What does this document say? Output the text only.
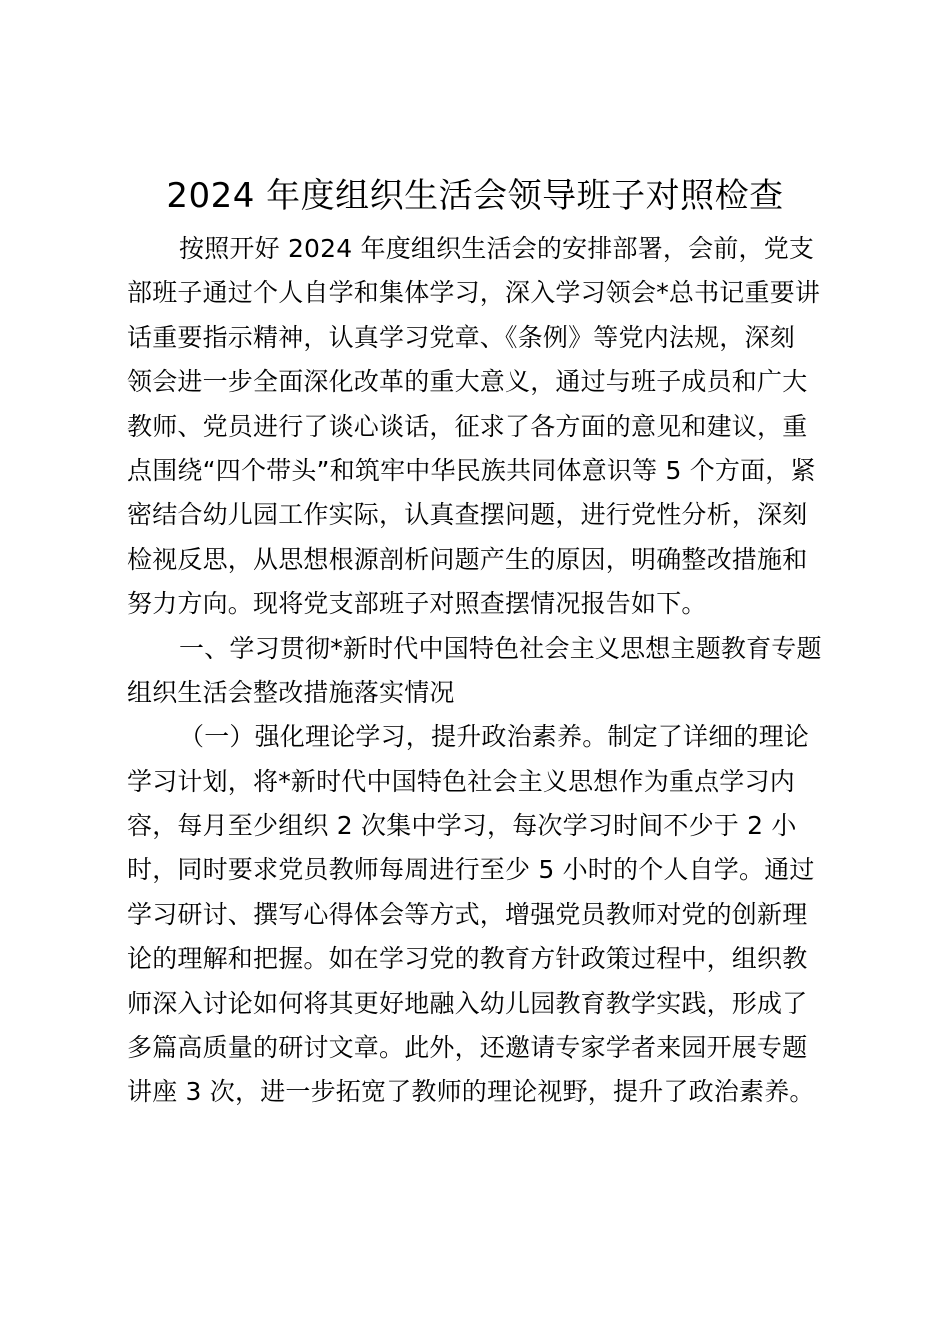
2024 年度组织生活会领导班子对照检查
按照开好 2024 年度组织生活会的安排部署，会前，党支
部班子通过个人自学和集体学习，深入学习领会*总书记重要讲
话重要指示精神，认真学习党章、《条例》等党内法规，深刻
领会进一步全面深化改革的重大意义，通过与班子成员和广大
教师、党员进行了谈心谈话，征求了各方面的意见和建议，重
点围绕“四个带头”和筑牢中华民族共同体意识等 5 个方面，紧
密结合幼儿园工作实际，认真查摆问题，进行党性分析，深刻
检视反思，从思想根源剖析问题产生的原因，明确整改措施和
努力方向。现将党支部班子对照查摆情况报告如下。
一、学习贯彻*新时代中国特色社会主义思想主题教育专题
组织生活会整改措施落实情况
（一）强化理论学习，提升政治素养。制定了详细的理论
学习计划，将*新时代中国特色社会主义思想作为重点学习内
容，每月至少组织 2 次集中学习，每次学习时间不少于 2 小
时，同时要求党员教师每周进行至少 5 小时的个人自学。通过
学习研讨、撰写心得体会等方式，增强党员教师对党的创新理
论的理解和把握。如在学习党的教育方针政策过程中，组织教
师深入讨论如何将其更好地融入幼儿园教育教学实践，形成了
多篇高质量的研讨文章。此外，还邀请专家学者来园开展专题
讲座 3 次，进一步拓宽了教师的理论视野，提升了政治素养。
